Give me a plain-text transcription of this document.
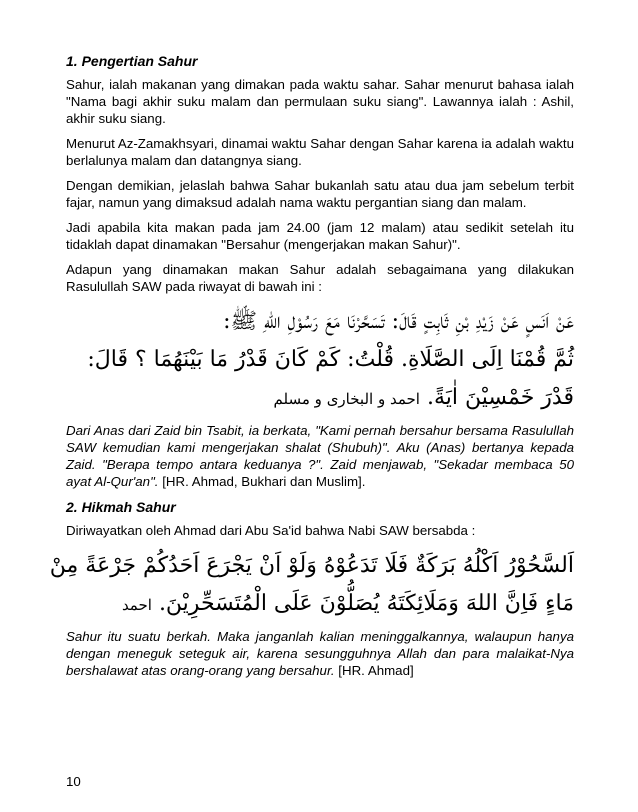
1. Pengertian Sahur

Sahur, ialah makanan yang dimakan pada waktu sahar. Sahar menurut bahasa ialah "Nama bagi akhir suku malam dan permulaan suku siang". Lawannya ialah : Ashil, akhir suku siang.

Menurut Az-Zamakhsyari, dinamai waktu Sahar dengan Sahar karena ia adalah waktu berlalunya malam dan datangnya siang.

Dengan demikian, jelaslah bahwa Sahar bukanlah satu atau dua jam sebelum terbit fajar, namun yang dimaksud adalah nama waktu pergantian siang dan malam.

Jadi apabila kita makan pada jam 24.00 (jam 12 malam) atau sedikit setelah itu tidaklah dapat dinamakan "Bersahur (mengerjakan makan Sahur)".

Adapun yang dinamakan makan Sahur adalah sebagaimana yang dilakukan Rasulullah SAW pada riwayat di bawah ini :

عَنْ اَنَسٍ عَنْ زَيْدِ بْنِ ثَابِتٍ قَالَ: تَسَحَّرْنَا مَعَ رَسُوْلِ اللهِ ﷺ:
ثُمَّ قُمْنَا اِلَى الصَّلَاةِ. قُلْتُ: كَمْ كَانَ قَدْرُ مَا بَيْنَهُمَا ؟ قَالَ:
قَدْرَ خَمْسِيْنَ اٰيَةً. احمد و البخارى و مسلم

Dari Anas dari Zaid bin Tsabit, ia berkata, "Kami pernah bersahur bersama Rasulullah SAW kemudian kami mengerjakan shalat (Shubuh)". Aku (Anas) bertanya kepada Zaid. "Berapa tempo antara keduanya ?". Zaid menjawab, "Sekadar membaca 50 ayat Al-Qur'an". [HR. Ahmad, Bukhari dan Muslim].

2. Hikmah Sahur

Diriwayatkan oleh Ahmad dari Abu Sa'id bahwa Nabi SAW bersabda :

اَلسَّحُوْرُ اَكْلُهُ بَرَكَةٌ فَلَا تَدَعُوْهُ وَلَوْ اَنْ يَجْرَعَ اَحَدُكُمْ جَرْعَةً مِنْ
مَاءٍ فَاِنَّ اللهَ وَمَلَائِكَتَهُ يُصَلُّوْنَ عَلَى الْمُتَسَحِّرِيْنَ. احمد

Sahur itu suatu berkah. Maka janganlah kalian meninggalkannya, walaupun hanya dengan meneguk seteguk air, karena sesungguhnya Allah dan para malaikat-Nya bershalawat atas orang-orang yang bersahur. [HR. Ahmad]

10
